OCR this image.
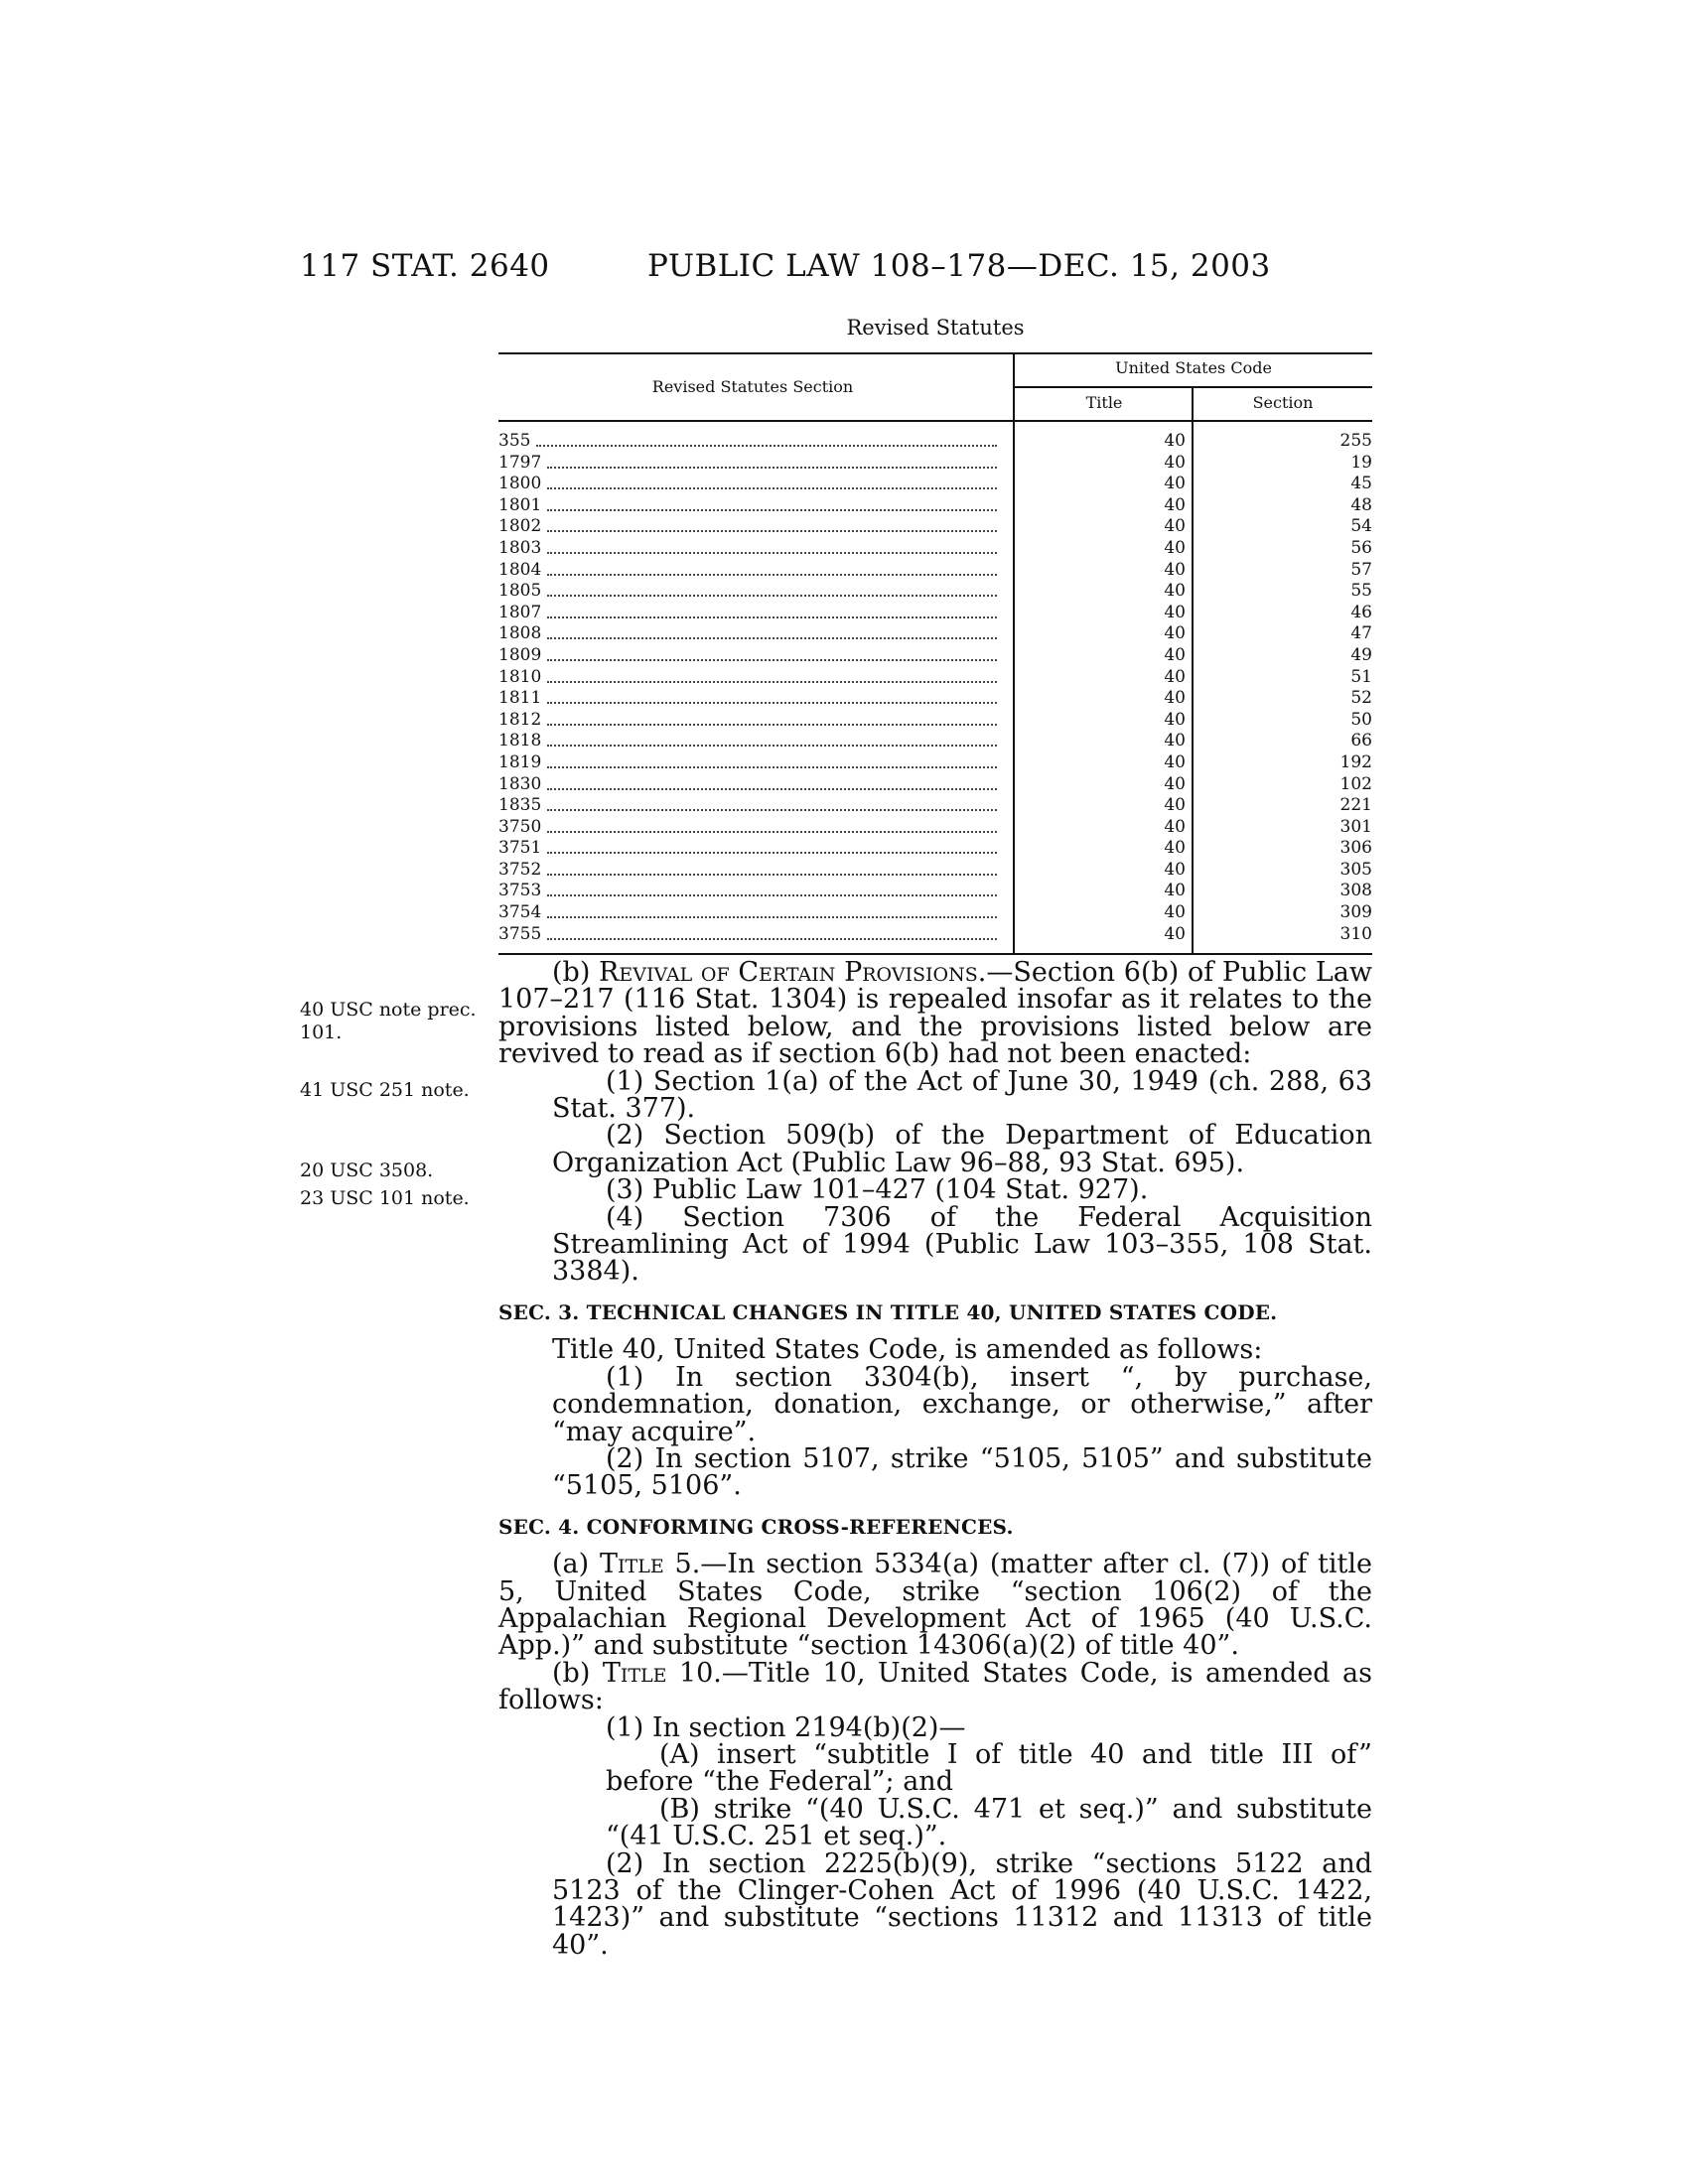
117 STAT. 2640	PUBLIC LAW 108–178—DEC. 15, 2003
Revised Statutes
Revised Statutes Section
United States Code
Title	Section
355	40	255
1797	40	19
1800	40	45
1801	40	48
1802	40	54
1803	40	56
1804	40	57
1805	40	55
1807	40	46
1808	40	47
1809	40	49
1810	40	51
1811	40	52
1812	40	50
1818	40	66
1819	40	192
1830	40	102
1835	40	221
3750	40	301
3751	40	306
3752	40	305
3753	40	308
3754	40	309
3755	40	310
40 USC note prec. 101.
41 USC 251 note.
20 USC 3508.
23 USC 101 note.

(b) Revival of Certain Provisions.—Section 6(b) of Public Law 107–217 (116 Stat. 1304) is repealed insofar as it relates to the provisions listed below, and the provisions listed below are revived to read as if section 6(b) had not been enacted:

(1) Section 1(a) of the Act of June 30, 1949 (ch. 288, 63 Stat. 377).

(2) Section 509(b) of the Department of Education Organization Act (Public Law 96–88, 93 Stat. 695).

(3) Public Law 101–427 (104 Stat. 927).

(4) Section 7306 of the Federal Acquisition Streamlining Act of 1994 (Public Law 103–355, 108 Stat. 3384).

SEC. 3. TECHNICAL CHANGES IN TITLE 40, UNITED STATES CODE.

Title 40, United States Code, is amended as follows:

(1) In section 3304(b), insert “, by purchase, condemnation, donation, exchange, or otherwise,” after “may acquire”.

(2) In section 5107, strike “5105, 5105” and substitute “5105, 5106”.

SEC. 4. CONFORMING CROSS-REFERENCES.

(a) Title 5.—In section 5334(a) (matter after cl. (7)) of title 5, United States Code, strike “section 106(2) of the Appalachian Regional Development Act of 1965 (40 U.S.C. App.)” and substitute “section 14306(a)(2) of title 40”.

(b) Title 10.—Title 10, United States Code, is amended as follows:

(1) In section 2194(b)(2)—

(A) insert “subtitle I of title 40 and title III of” before “the Federal”; and

(B) strike “(40 U.S.C. 471 et seq.)” and substitute “(41 U.S.C. 251 et seq.)”.

(2) In section 2225(b)(9), strike “sections 5122 and 5123 of the Clinger-Cohen Act of 1996 (40 U.S.C. 1422, 1423)” and substitute “sections 11312 and 11313 of title 40”.
